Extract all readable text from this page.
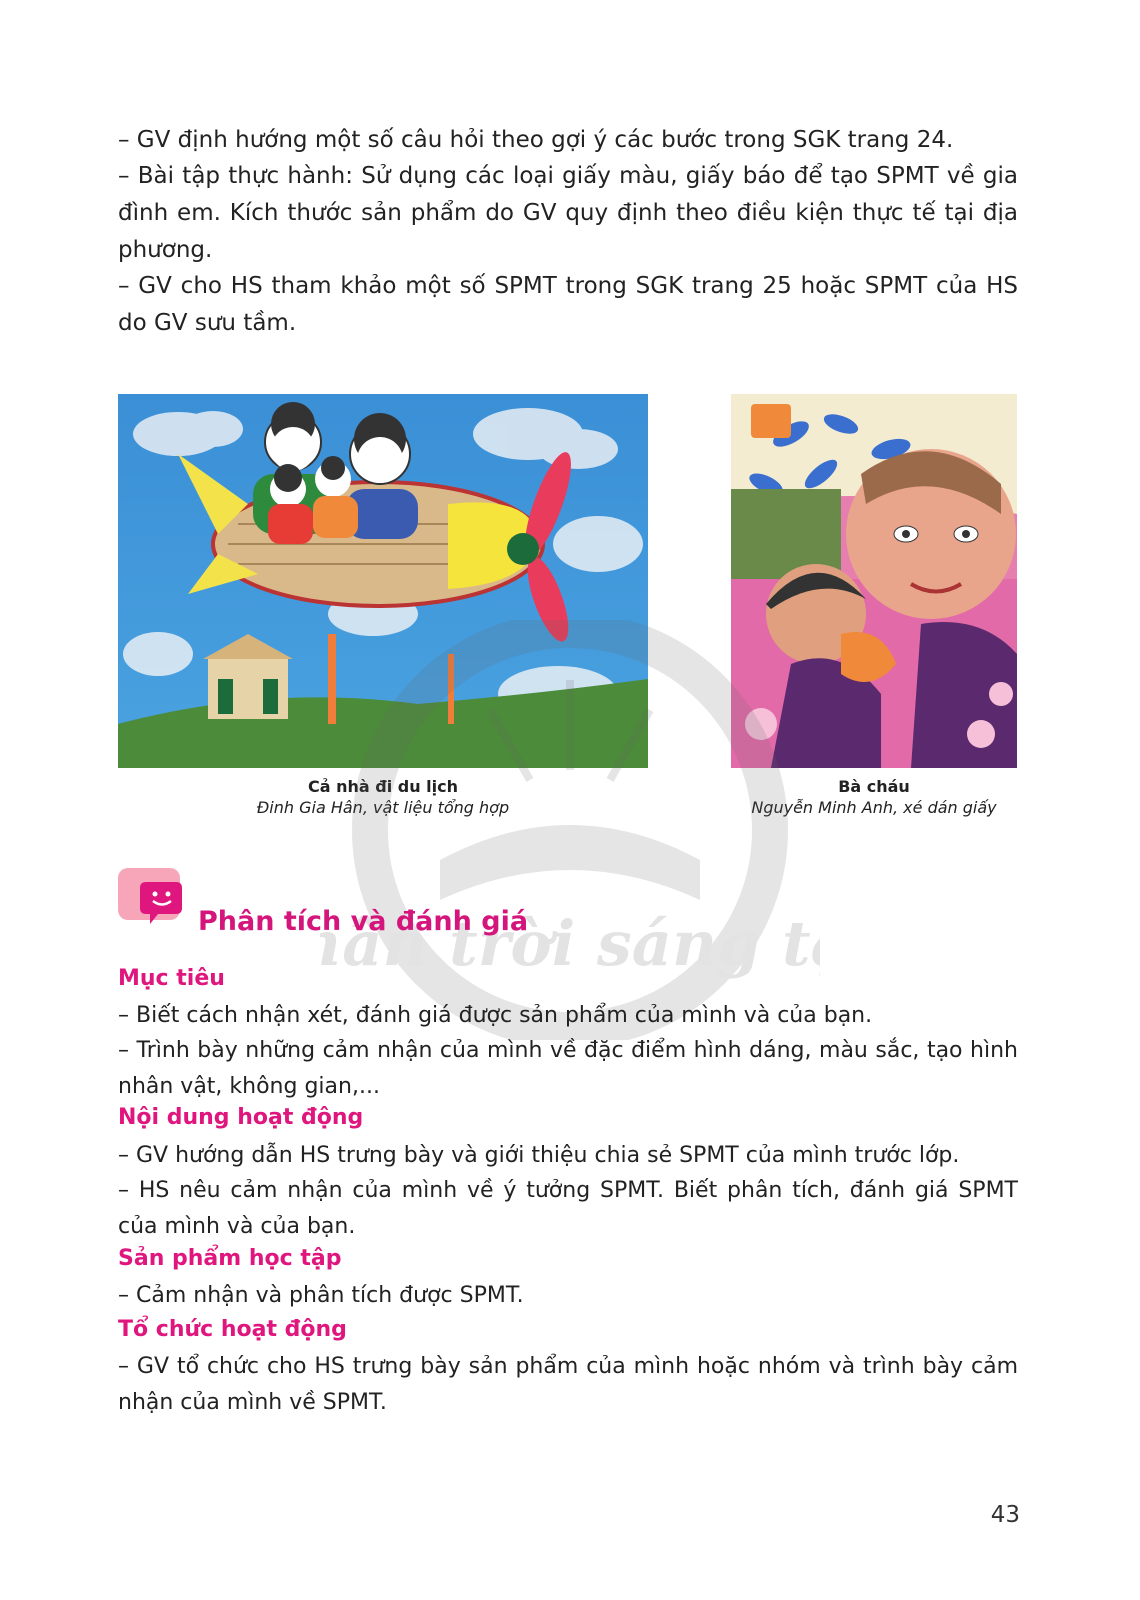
– GV định hướng một số câu hỏi theo gợi ý các bước trong SGK trang 24.
– Bài tập thực hành: Sử dụng các loại giấy màu, giấy báo để tạo SPMT về gia đình em. Kích thước sản phẩm do GV quy định theo điều kiện thực tế tại địa phương.
– GV cho HS tham khảo một số SPMT trong SGK trang 25 hoặc SPMT của HS do GV sưu tầm.
Cả nhà đi du lịch
Đinh Gia Hân, vật liệu tổng hợp
Bà cháu
Nguyễn Minh Anh, xé dán giấy
ân trời sáng t
Phân tích và đánh giá
Mục tiêu
– Biết cách nhận xét, đánh giá được sản phẩm của mình và của bạn.
– Trình bày những cảm nhận của mình về đặc điểm hình dáng, màu sắc, tạo hình nhân vật, không gian,...
Nội dung hoạt động
– GV hướng dẫn HS trưng bày và giới thiệu chia sẻ SPMT của mình trước lớp.
– HS nêu cảm nhận của mình về ý tưởng SPMT. Biết phân tích, đánh giá SPMT của mình và của bạn.
Sản phẩm học tập
– Cảm nhận và phân tích được SPMT.
Tổ chức hoạt động
– GV tổ chức cho HS trưng bày sản phẩm của mình hoặc nhóm và trình bày cảm nhận của mình về SPMT.
43
